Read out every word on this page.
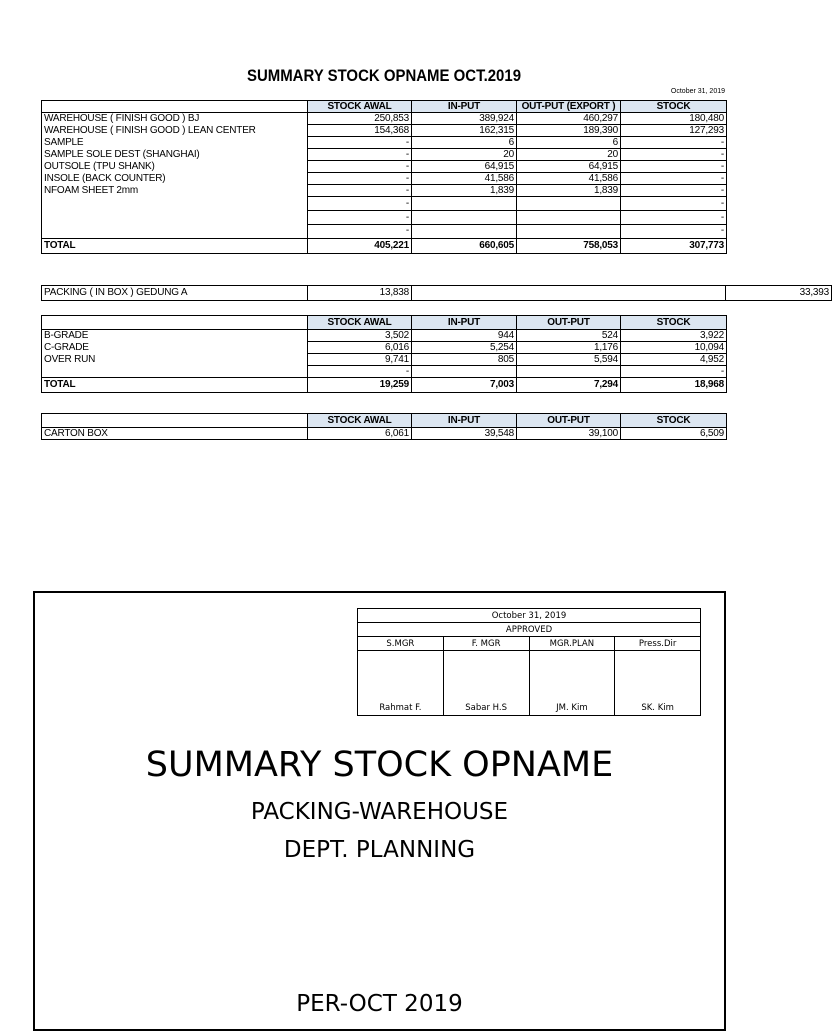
SUMMARY STOCK OPNAME OCT.2019
October 31, 2019
	STOCK AWAL	IN-PUT	OUT-PUT (EXPORT )	STOCK
WAREHOUSE ( FINISH GOOD ) BJ	250,853	389,924	460,297	180,480
WAREHOUSE ( FINISH GOOD ) LEAN CENTER	154,368	162,315	189,390	127,293
SAMPLE	-	6	6	-
SAMPLE SOLE DEST (SHANGHAI)	-	20	20	-
OUTSOLE (TPU SHANK)	-	64,915	64,915	-
INSOLE (BACK COUNTER)	-	41,586	41,586	-
NFOAM SHEET 2mm	-	1,839	1,839	-
	-			-
	-			-
	-			-
TOTAL	405,221	660,605	758,053	307,773
PACKING ( IN BOX ) GEDUNG A	13,838		33,393
	STOCK AWAL	IN-PUT	OUT-PUT	STOCK
B-GRADE	3,502	944	524	3,922
C-GRADE	6,016	5,254	1,176	10,094
OVER RUN	9,741	805	5,594	4,952
	-			-
TOTAL	19,259	7,003	7,294	18,968
	STOCK AWAL	IN-PUT	OUT-PUT	STOCK
CARTON BOX	6,061	39,548	39,100	6,509
October 31, 2019			
APPROVED			
S.MGR	F. MGR	MGR.PLAN	Press.Dir
Rahmat F.	Sabar H.S	JM. Kim	SK. Kim
SUMMARY STOCK OPNAME
PACKING-WAREHOUSE
DEPT. PLANNING
PER-OCT 2019
